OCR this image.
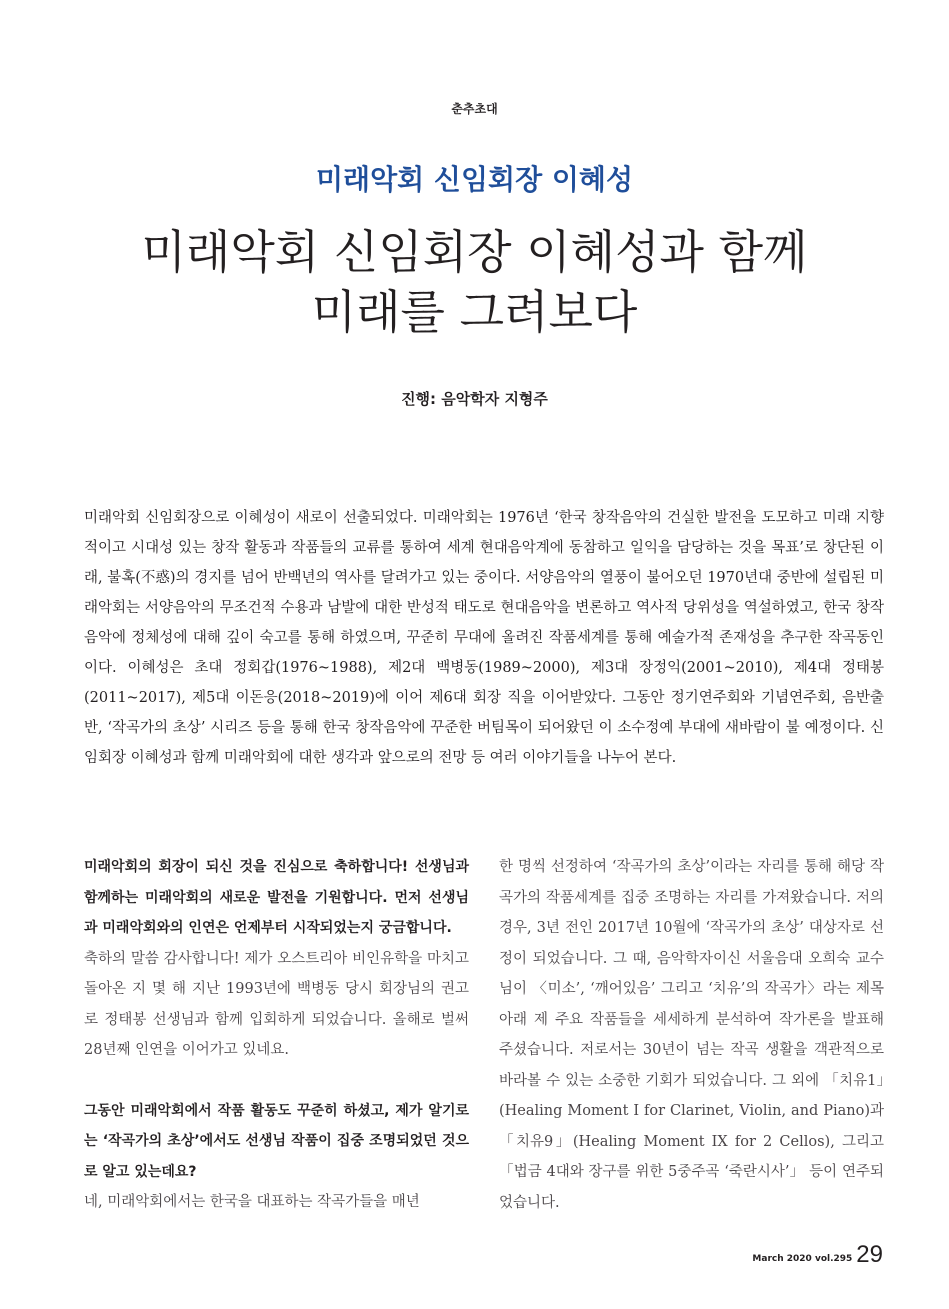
춘추초대
미래악회 신임회장 이혜성
미래악회 신임회장 이혜성과 함께
미래를 그려보다
진행: 음악학자 지형주

미래악회 신임회장으로 이혜성이 새로이 선출되었다. 미래악회는 1976년 ‘한국 창작음악의 건실한 발전을 도모하고 미래 지향적이고 시대성 있는 창작 활동과 작품들의 교류를 통하여 세계 현대음악계에 동참하고 일익을 담당하는 것을 목표’로 창단된 이래, 불혹(不惑)의 경지를 넘어 반백년의 역사를 달려가고 있는 중이다. 서양음악의 열풍이 불어오던 1970년대 중반에 설립된 미래악회는 서양음악의 무조건적 수용과 남발에 대한 반성적 태도로 현대음악을 변론하고 역사적 당위성을 역설하였고, 한국 창작음악에 정체성에 대해 깊이 숙고를 통해 하였으며, 꾸준히 무대에 올려진 작품세계를 통해 예술가적 존재성을 추구한 작곡동인이다. 이혜성은 초대 정회갑(1976~1988), 제2대 백병동(1989~2000), 제3대 장정익(2001~2010), 제4대 정태봉(2011~2017), 제5대 이돈응(2018~2019)에 이어 제6대 회장 직을 이어받았다. 그동안 정기연주회와 기념연주회, 음반출반, ‘작곡가의 초상’ 시리즈 등을 통해 한국 창작음악에 꾸준한 버팀목이 되어왔던 이 소수정예 부대에 새바람이 불 예정이다. 신임회장 이혜성과 함께 미래악회에 대한 생각과 앞으로의 전망 등 여러 이야기들을 나누어 본다.

미래악회의 회장이 되신 것을 진심으로 축하합니다! 선생님과 함께하는 미래악회의 새로운 발전을 기원합니다. 먼저 선생님과 미래악회와의 인연은 언제부터 시작되었는지 궁금합니다.

축하의 말씀 감사합니다! 제가 오스트리아 비인유학을 마치고 돌아온 지 몇 해 지난 1993년에 백병동 당시 회장님의 권고로 정태봉 선생님과 함께 입회하게 되었습니다. 올해로 벌써 28년째 인연을 이어가고 있네요.

그동안 미래악회에서 작품 활동도 꾸준히 하셨고, 제가 알기로는 ‘작곡가의 초상’에서도 선생님 작품이 집중 조명되었던 것으로 알고 있는데요?

네, 미래악회에서는 한국을 대표하는 작곡가들을 매년

한 명씩 선정하여 ‘작곡가의 초상’이라는 자리를 통해 해당 작곡가의 작품세계를 집중 조명하는 자리를 가져왔습니다. 저의 경우, 3년 전인 2017년 10월에 ‘작곡가의 초상’ 대상자로 선정이 되었습니다. 그 때, 음악학자이신 서울음대 오희숙 교수님이 〈미소’, ‘깨어있음’ 그리고 ‘치유’의 작곡가〉라는 제목 아래 제 주요 작품들을 세세하게 분석하여 작가론을 발표해 주셨습니다. 저로서는 30년이 넘는 작곡 생활을 객관적으로 바라볼 수 있는 소중한 기회가 되었습니다. 그 외에 「치유1」(Healing Moment I for Clarinet, Violin, and Piano)과 「치유9」(Healing Moment IX for 2 Cellos), 그리고 「법금 4대와 장구를 위한 5중주곡 ‘죽란시사’」 등이 연주되었습니다.

March 2020 vol.295 29
